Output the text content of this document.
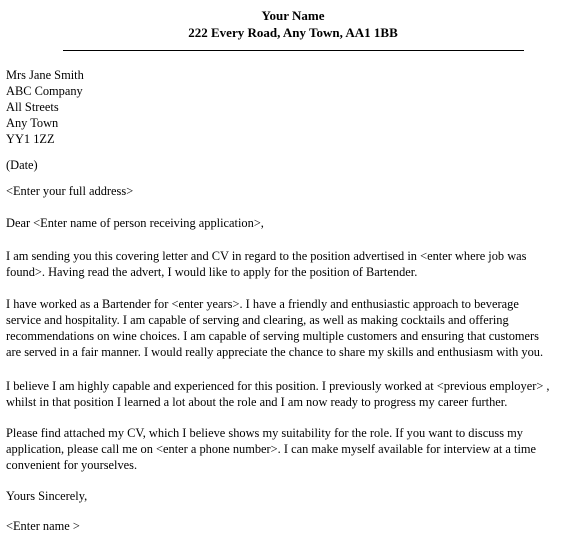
Your Name
222 Every Road, Any Town, AA1 1BB
Mrs Jane Smith
ABC Company
All Streets
Any Town
YY1 1ZZ
(Date)
<Enter your full address>
Dear <Enter name of person receiving application>,
I am sending you this covering letter and CV in regard to the position advertised in <enter where job was
found>. Having read the advert, I would like to apply for the position of Bartender.
I have worked as a Bartender for <enter years>. I have a friendly and enthusiastic approach to beverage
service and hospitality. I am capable of serving and clearing, as well as making cocktails and offering
recommendations on wine choices. I am capable of serving multiple customers and ensuring that customers
are served in a fair manner. I would really appreciate the chance to share my skills and enthusiasm with you.
I believe I am highly capable and experienced for this position. I previously worked at <previous employer> ,
whilst in that position I learned a lot about the role and I am now ready to progress my career further.
Please find attached my CV, which I believe shows my suitability for the role. If you want to discuss my
application, please call me on <enter a phone number>. I can make myself available for interview at a time
convenient for yourselves.
Yours Sincerely,
<Enter name >
